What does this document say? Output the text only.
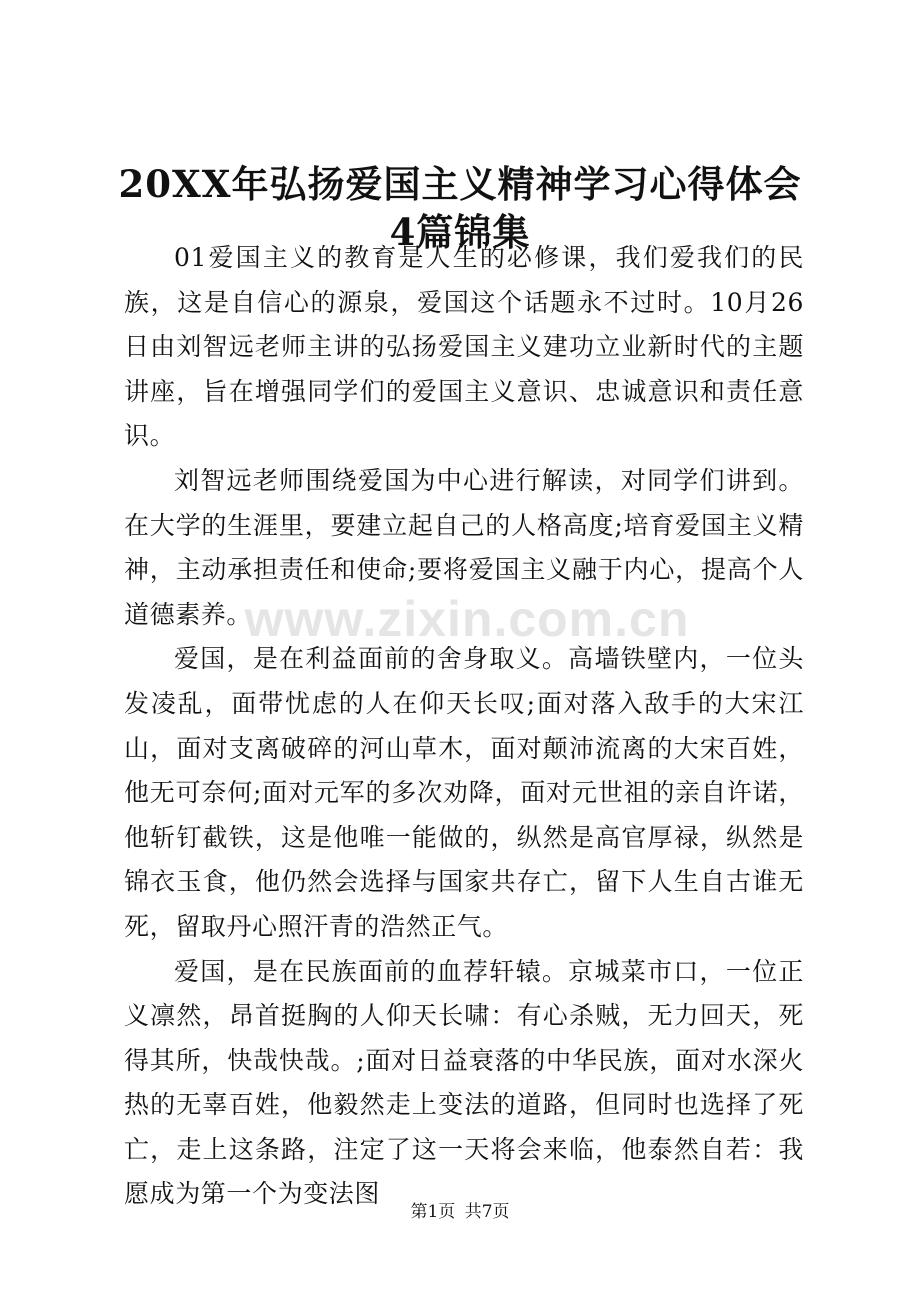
20XX年弘扬爱国主义精神学习心得体会4篇锦集

01爱国主义的教育是人生的必修课，我们爱我们的民族，这是自信心的源泉，爱国这个话题永不过时。10月26日由刘智远老师主讲的弘扬爱国主义建功立业新时代的主题讲座，旨在增强同学们的爱国主义意识、忠诚意识和责任意识。

刘智远老师围绕爱国为中心进行解读，对同学们讲到。在大学的生涯里，要建立起自己的人格高度;培育爱国主义精神，主动承担责任和使命;要将爱国主义融于内心，提高个人道德素养。

爱国，是在利益面前的舍身取义。高墙铁壁内，一位头发凌乱，面带忧虑的人在仰天长叹;面对落入敌手的大宋江山，面对支离破碎的河山草木，面对颠沛流离的大宋百姓，他无可奈何;面对元军的多次劝降，面对元世祖的亲自许诺，他斩钉截铁，这是他唯一能做的，纵然是高官厚禄，纵然是锦衣玉食，他仍然会选择与国家共存亡，留下人生自古谁无死，留取丹心照汗青的浩然正气。

爱国，是在民族面前的血荐轩辕。京城菜市口，一位正义凛然，昂首挺胸的人仰天长啸：有心杀贼，无力回天，死得其所，快哉快哉。;面对日益衰落的中华民族，面对水深火热的无辜百姓，他毅然走上变法的道路，但同时也选择了死亡，走上这条路，注定了这一天将会来临，他泰然自若：我愿成为第一个为变法图

www.zixin.com.cn
第1页 共7页
